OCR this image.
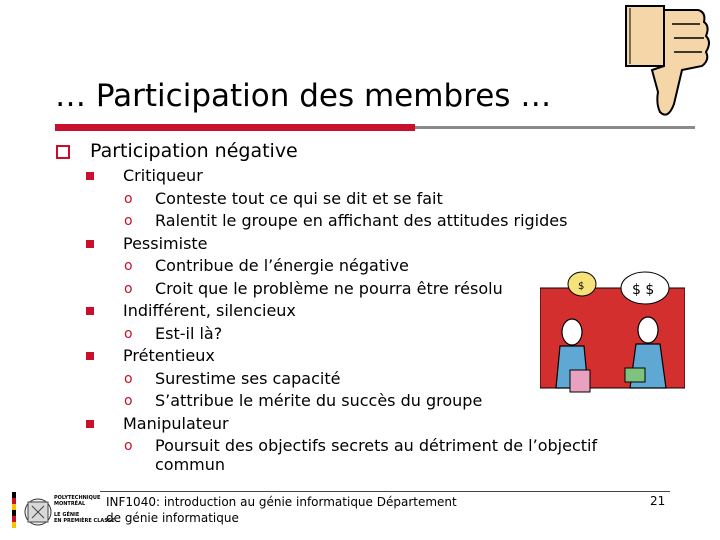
… Participation des membres …
Participation négative
Critiqueur
o Conteste tout ce qui se dit et se fait
o Ralentit le groupe en affichant des attitudes rigides
Pessimiste
o Contribue de l’énergie négative
o Croit que le problème ne pourra être résolu
Indifférent, silencieux
o Est-il là?
Prétentieux
o Surestime ses capacité
o S’attribue le mérite du succès du groupe
Manipulateur
o Poursuit des objectifs secrets au détriment de l’objectif
commun
$	$ $
POLYTECHNIQUE
MONTRÉAL
LE GÉNIE
EN PREMIÈRE CLASSE
INF1040: introduction au génie informatique Département
de génie informatique
21
